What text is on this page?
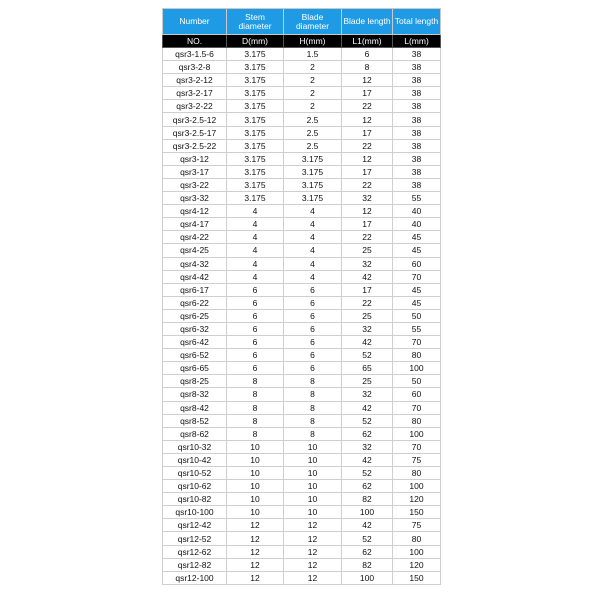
Number	Stem diameter	Blade diameter	Blade length	Total length
NO.	D(mm)	H(mm)	L1(mm)	L(mm)
qsr3-1.5-6	3.175	1.5	6	38
qsr3-2-8	3.175	2	8	38
qsr3-2-12	3.175	2	12	38
qsr3-2-17	3.175	2	17	38
qsr3-2-22	3.175	2	22	38
qsr3-2.5-12	3.175	2.5	12	38
qsr3-2.5-17	3.175	2.5	17	38
qsr3-2.5-22	3.175	2.5	22	38
qsr3-12	3.175	3.175	12	38
qsr3-17	3.175	3.175	17	38
qsr3-22	3.175	3.175	22	38
qsr3-32	3.175	3.175	32	55
qsr4-12	4	4	12	40
qsr4-17	4	4	17	40
qsr4-22	4	4	22	45
qsr4-25	4	4	25	45
qsr4-32	4	4	32	60
qsr4-42	4	4	42	70
qsr6-17	6	6	17	45
qsr6-22	6	6	22	45
qsr6-25	6	6	25	50
qsr6-32	6	6	32	55
qsr6-42	6	6	42	70
qsr6-52	6	6	52	80
qsr6-65	6	6	65	100
qsr8-25	8	8	25	50
qsr8-32	8	8	32	60
qsr8-42	8	8	42	70
qsr8-52	8	8	52	80
qsr8-62	8	8	62	100
qsr10-32	10	10	32	70
qsr10-42	10	10	42	75
qsr10-52	10	10	52	80
qsr10-62	10	10	62	100
qsr10-82	10	10	82	120
qsr10-100	10	10	100	150
qsr12-42	12	12	42	75
qsr12-52	12	12	52	80
qsr12-62	12	12	62	100
qsr12-82	12	12	82	120
qsr12-100	12	12	100	150
